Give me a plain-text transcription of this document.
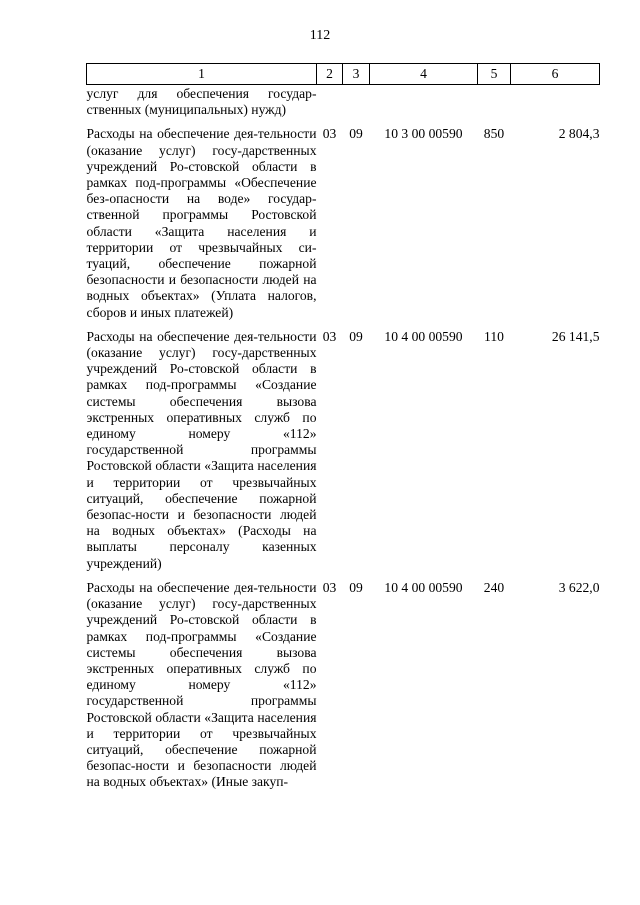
112
1	2	3	4	5	6
услуг для обеспечения государ-ственных (муниципальных) нужд)					
Расходы на обеспечение дея-тельности (оказание услуг) госу-дарственных учреждений Ро-стовской области в рамках под-программы «Обеспечение без-опасности на воде» государ-ственной программы Ростовской области «Защита населения и территории от чрезвычайных си-туаций, обеспечение пожарной безопасности и безопасности людей на водных объектах» (Уплата налогов, сборов и иных платежей)	03	09	10 3 00 00590	850	2 804,3
Расходы на обеспечение дея-тельности (оказание услуг) госу-дарственных учреждений Ро-стовской области в рамках под-программы «Создание системы обеспечения вызова экстренных оперативных служб по единому номеру «112» государственной программы Ростовской области «Защита населения и территории от чрезвычайных ситуаций, обеспечение пожарной безопас-ности и безопасности людей на водных объектах» (Расходы на выплаты персоналу казенных учреждений)	03	09	10 4 00 00590	110	26 141,5
Расходы на обеспечение дея-тельности (оказание услуг) госу-дарственных учреждений Ро-стовской области в рамках под-программы «Создание системы обеспечения вызова экстренных оперативных служб по единому номеру «112» государственной программы Ростовской области «Защита населения и территории от чрезвычайных ситуаций, обеспечение пожарной безопас-ности и безопасности людей на водных объектах» (Иные закуп-	03	09	10 4 00 00590	240	3 622,0
